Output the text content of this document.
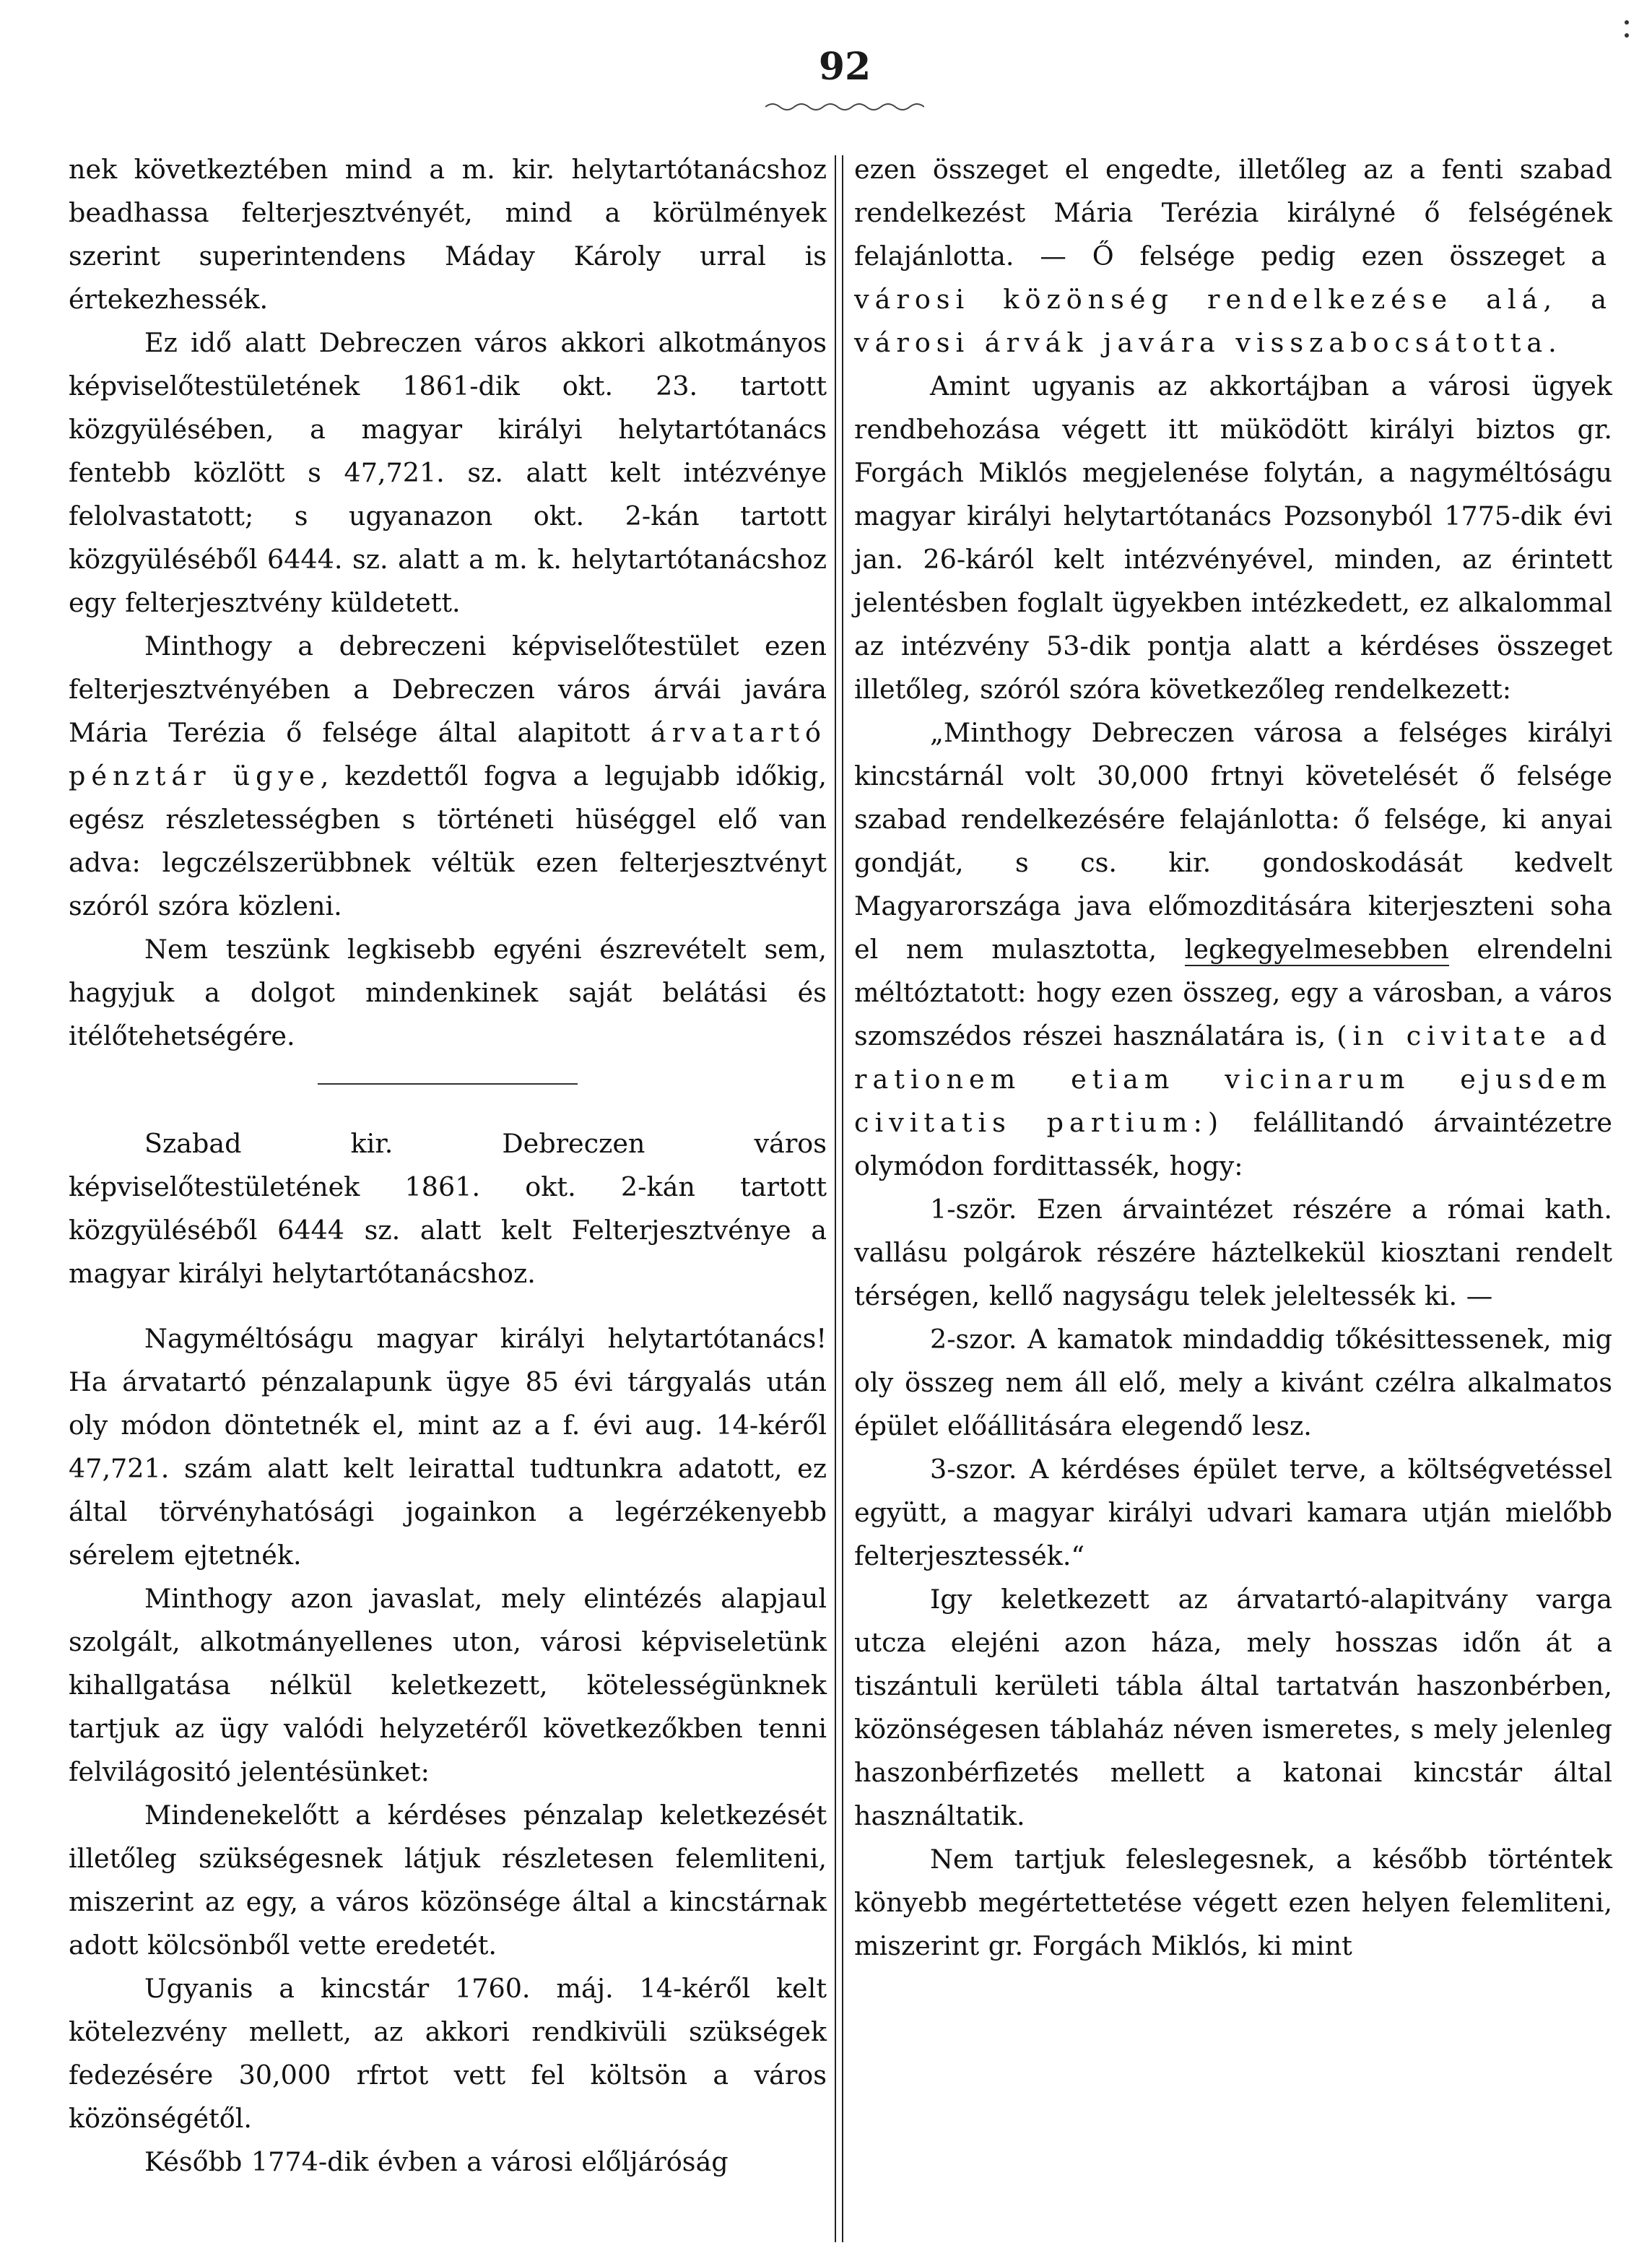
92

nek következtében mind a m. kir. helytartótanácshoz beadhassa felterjesztvényét, mind a körülmények szerint superintendens Máday Károly urral is értekezhessék.

Ez idő alatt Debreczen város akkori alkotmányos képviselőtestületének 1861-dik okt. 23. tartott közgyülésében, a magyar királyi helytartótanács fentebb közlött s 47,721. sz. alatt kelt intézvénye felolvastatott; s ugyanazon okt. 2-kán tartott közgyüléséből 6444. sz. alatt a m. k. helytartótanácshoz egy felterjesztvény küldetett.

Minthogy a debreczeni képviselőtestület ezen felterjesztvényében a Debreczen város árvái javára Mária Terézia ő felsége által alapitott árvatartó pénztár ügye, kezdettől fogva a legujabb időkig, egész részletességben s történeti hüséggel elő van adva: legczélszerübbnek véltük ezen felterjesztvényt szóról szóra közleni.

Nem teszünk legkisebb egyéni észrevételt sem, hagyjuk a dolgot mindenkinek saját belátási és itélőtehetségére.

Szabad kir. Debreczen város képviselőtestületének 1861. okt. 2-kán tartott közgyüléséből 6444 sz. alatt kelt Felterjesztvénye a magyar királyi helytartótanácshoz.

Nagyméltóságu magyar királyi helytartótanács! Ha árvatartó pénzalapunk ügye 85 évi tárgyalás után oly módon döntetnék el, mint az a f. évi aug. 14-kéről 47,721. szám alatt kelt leirattal tudtunkra adatott, ez által törvényhatósági jogainkon a legérzékenyebb sérelem ejtetnék.

Minthogy azon javaslat, mely elintézés alapjaul szolgált, alkotmányellenes uton, városi képviseletünk kihallgatása nélkül keletkezett, kötelességünknek tartjuk az ügy valódi helyzetéről következőkben tenni felvilágositó jelentésünket:

Mindenekelőtt a kérdéses pénzalap keletkezését illetőleg szükségesnek látjuk részletesen felemliteni, miszerint az egy, a város közönsége által a kincstárnak adott kölcsönből vette eredetét.

Ugyanis a kincstár 1760. máj. 14-kéről kelt kötelezvény mellett, az akkori rendkivüli szükségek fedezésére 30,000 rfrtot vett fel költsön a város közönségétől.

Később 1774-dik évben a városi előljáróság

ezen összeget el engedte, illetőleg az a fenti szabad rendelkezést Mária Terézia királyné ő felségének felajánlotta. — Ő felsége pedig ezen összeget a városi közönség rendelkezése alá, a városi árvák javára visszabocsátotta.

Amint ugyanis az akkortájban a városi ügyek rendbehozása végett itt müködött királyi biztos gr. Forgách Miklós megjelenése folytán, a nagyméltóságu magyar királyi helytartótanács Pozsonyból 1775-dik évi jan. 26-káról kelt intézvényével, minden, az érintett jelentésben foglalt ügyekben intézkedett, ez alkalommal az intézvény 53-dik pontja alatt a kérdéses összeget illetőleg, szóról szóra következőleg rendelkezett:

„Minthogy Debreczen városa a felséges királyi kincstárnál volt 30,000 frtnyi követelését ő felsége szabad rendelkezésére felajánlotta: ő felsége, ki anyai gondját, s cs. kir. gondoskodását kedvelt Magyarországa java előmozditására kiterjeszteni soha el nem mulasztotta, legkegyelmesebben elrendelni méltóztatott: hogy ezen összeg, egy a városban, a város szomszédos részei használatára is, (in civitate ad rationem etiam vicinarum ejusdem civitatis partium:) felállitandó árvaintézetre olymódon fordittassék, hogy:

1-ször. Ezen árvaintézet részére a római kath. vallásu polgárok részére háztelkekül kiosztani rendelt térségen, kellő nagyságu telek jeleltessék ki. —

2-szor. A kamatok mindaddig tőkésittessenek, mig oly összeg nem áll elő, mely a kivánt czélra alkalmatos épület előállitására elegendő lesz.

3-szor. A kérdéses épület terve, a költségvetéssel együtt, a magyar királyi udvari kamara utján mielőbb felterjesztessék.“

Igy keletkezett az árvatartó-alapitvány varga utcza elejéni azon háza, mely hosszas időn át a tiszántuli kerületi tábla által tartatván haszonbérben, közönségesen táblaház néven ismeretes, s mely jelenleg haszonbérfizetés mellett a katonai kincstár által használtatik.

Nem tartjuk feleslegesnek, a később történtek könyebb megértettetése végett ezen helyen felemliteni, miszerint gr. Forgách Miklós, ki mint
